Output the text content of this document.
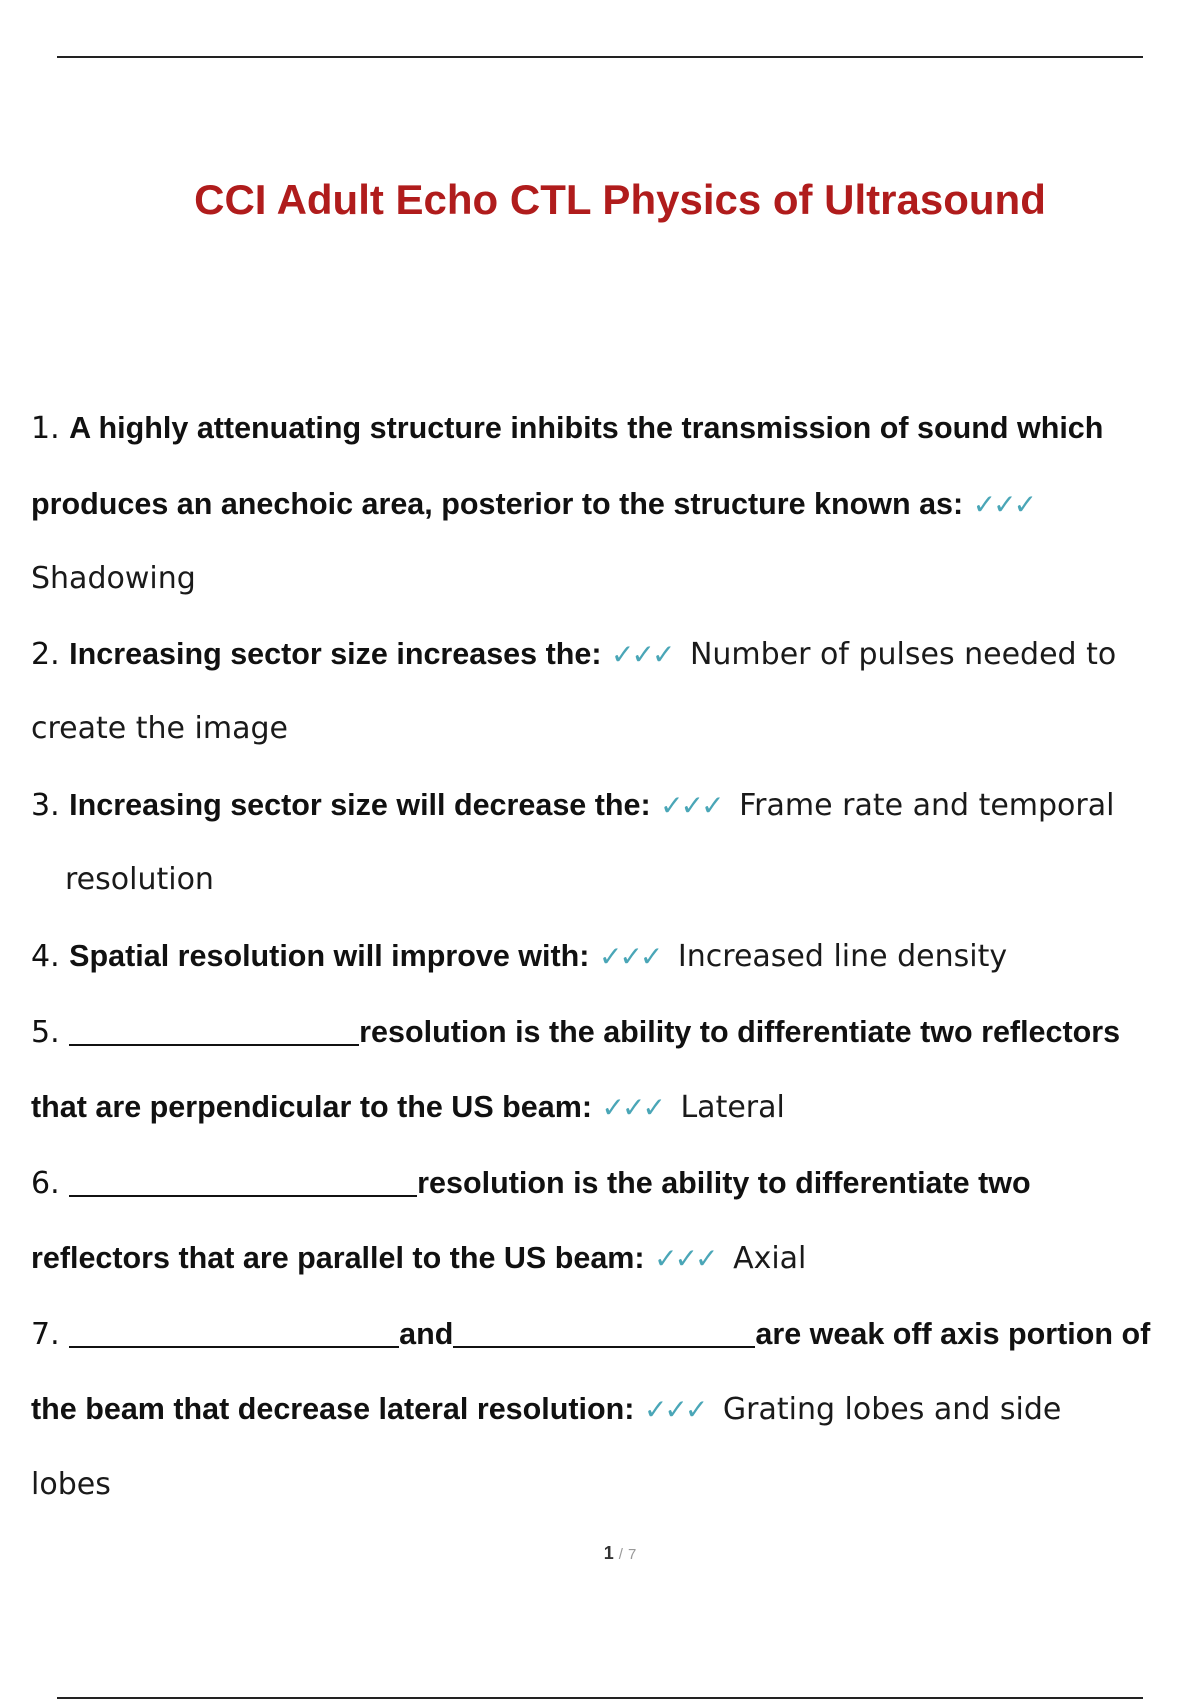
CCI Adult Echo CTL Physics of Ultrasound
1. A highly attenuating structure inhibits the transmission of sound which
produces an anechoic area, posterior to the structure known as: ✓✓✓
Shadowing
2. Increasing sector size increases the: ✓✓✓ Number of pulses needed to
create the image
3. Increasing sector size will decrease the: ✓✓✓ Frame rate and temporal
resolution
4. Spatial resolution will improve with: ✓✓✓ Increased line density
5.	resolution is the ability to differentiate two reflectors
that are perpendicular to the US beam: ✓✓✓ Lateral
6.	resolution is the ability to differentiate two
reflectors that are parallel to the US beam: ✓✓✓ Axial
7.	and	are weak off axis portion of
the beam that decrease lateral resolution: ✓✓✓ Grating lobes and side
lobes
1 / 7
